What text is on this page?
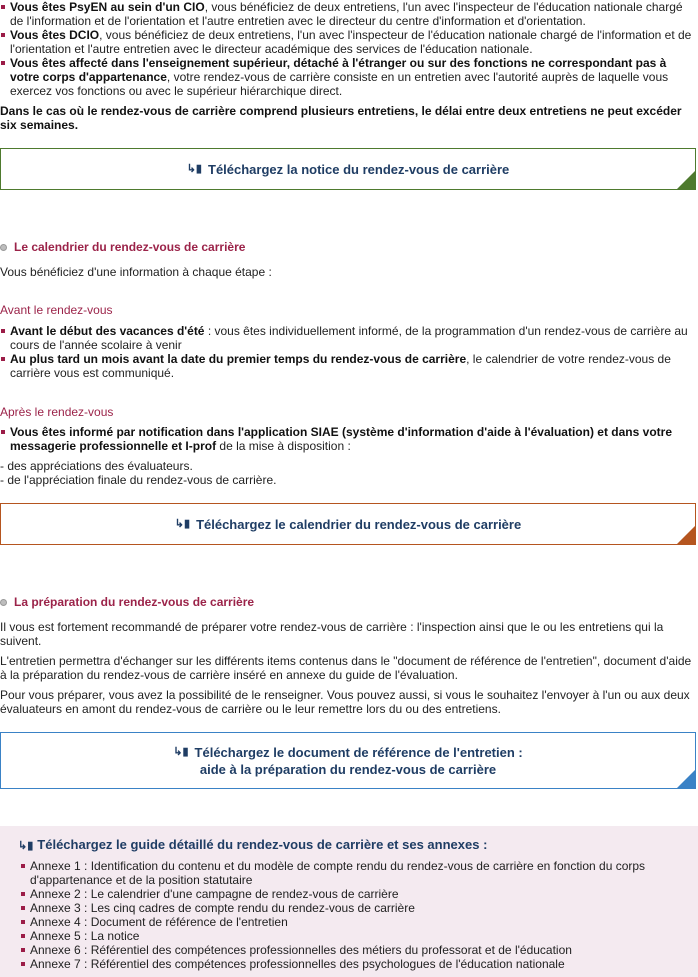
Vous êtes PsyEN au sein d'un CIO, vous bénéficiez de deux entretiens, l'un avec l'inspecteur de l'éducation nationale chargé de l'information et de l'orientation et l'autre entretien avec le directeur du centre d'information et d'orientation.
Vous êtes DCIO, vous bénéficiez de deux entretiens, l'un avec l'inspecteur de l'éducation nationale chargé de l'information et de l'orientation et l'autre entretien avec le directeur académique des services de l'éducation nationale.
Vous êtes affecté dans l'enseignement supérieur, détaché à l'étranger ou sur des fonctions ne correspondant pas à votre corps d'appartenance, votre rendez-vous de carrière consiste en un entretien avec l'autorité auprès de laquelle vous exercez vos fonctions ou avec le supérieur hiérarchique direct.

Dans le cas où le rendez-vous de carrière comprend plusieurs entretiens, le délai entre deux entretiens ne peut excéder six semaines.

↳▮ Téléchargez la notice du rendez-vous de carrière
Le calendrier du rendez-vous de carrière

Vous bénéficiez d'une information à chaque étape :

Avant le rendez-vous
Avant le début des vacances d'été : vous êtes individuellement informé, de la programmation d'un rendez-vous de carrière au cours de l'année scolaire à venir
Au plus tard un mois avant la date du premier temps du rendez-vous de carrière, le calendrier de votre rendez-vous de carrière vous est communiqué.
Après le rendez-vous
Vous êtes informé par notification dans l'application SIAE (système d'information d'aide à l'évaluation) et dans votre messagerie professionnelle et I-prof de la mise à disposition :

- des appréciations des évaluateurs.

- de l'appréciation finale du rendez-vous de carrière.

↳▮ Téléchargez le calendrier du rendez-vous de carrière
La préparation du rendez-vous de carrière

Il vous est fortement recommandé de préparer votre rendez-vous de carrière : l'inspection ainsi que le ou les entretiens qui la suivent.

L'entretien permettra d'échanger sur les différents items contenus dans le "document de référence de l'entretien", document d'aide à la préparation du rendez-vous de carrière inséré en annexe du guide de l'évaluation.

Pour vous préparer, vous avez la possibilité de le renseigner. Vous pouvez aussi, si vous le souhaitez l'envoyer à l'un ou aux deux évaluateurs en amont du rendez-vous de carrière ou le leur remettre lors du ou des entretiens.

↳▮ Téléchargez le document de référence de l'entretien :
aide à la préparation du rendez-vous de carrière
↳▮ Téléchargez le guide détaillé du rendez-vous de carrière et ses annexes :
Annexe 1 : Identification du contenu et du modèle de compte rendu du rendez-vous de carrière en fonction du corps d'appartenance et de la position statutaire
Annexe 2 : Le calendrier d'une campagne de rendez-vous de carrière
Annexe 3 : Les cinq cadres de compte rendu du rendez-vous de carrière
Annexe 4 : Document de référence de l'entretien
Annexe 5 : La notice
Annexe 6 : Référentiel des compétences professionnelles des métiers du professorat et de l'éducation
Annexe 7 : Référentiel des compétences professionnelles des psychologues de l'éducation nationale
